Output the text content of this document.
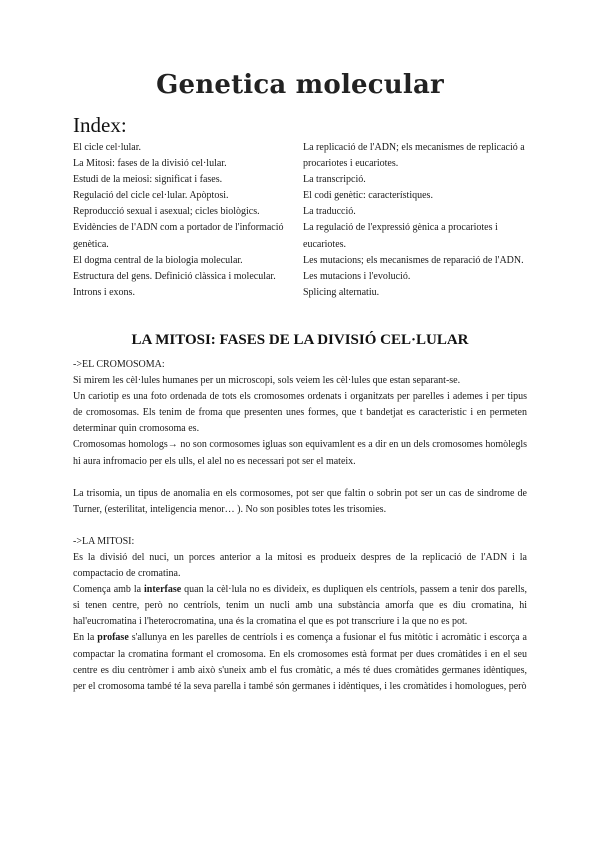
Genetica molecular
Index:
El cicle cel·lular.
La Mitosi: fases de la divisió cel·lular.
Estudi de la meiosi: significat i fases.
Regulació del cicle cel·lular. Apòptosi.
Reproducció sexual i asexual; cicles biològics.
Evidències de l'ADN com a portador de l'informació genètica.
El dogma central de la biologia molecular.
Estructura del gens. Definició clàssica i molecular. Introns i exons.
La replicació de l'ADN; els mecanismes de replicació a procariotes i eucariotes.
La transcripció.
El codi genètic: característiques.
La traducció.
La regulació de l'expressió gènica a procariotes i eucariotes.
Les mutacions; els mecanismes de reparació de l'ADN. Les mutacions i l'evolució.
Splicing alternatiu.
LA MITOSI: FASES DE LA DIVISIÓ CEL·LULAR

->EL CROMOSOMA:

Si mirem les cèl·lules humanes per un microscopi, sols veiem les cèl·lules que estan separant-se.

Un cariotip es una foto ordenada de tots els cromosomes ordenats i organitzats per parelles i ademes i per tipus de cromosomas. Els tenim de froma que presenten unes formes, que t bandetjat es caracteristic i en permeten determinar quin cromosoma es.

Cromosomas homologs→ no son cormosomes igluas son equivamlent es a dir en un dels cromosomes homòlegls hi aura infromacio per els ulls, el alel no es necessari pot ser el mateix.

La trisomia, un tipus de anomalia en els cormosomes, pot ser que faltin o sobrin pot ser un cas de sindrome de Turner, (esterilitat, inteligencia menor… ). No son posibles totes les trisomies.

->LA MITOSI:

Es la divisió del nuci, un porces anterior a la mitosi es produeix despres de la replicació de l'ADN i la compactacio de cromatina.

Comença amb la interfase quan la cèl·lula no es divideix, es dupliquen els centríols, passem a tenir dos parells, si tenen centre, però no centríols, tenim un nucli amb una substància amorfa que es diu cromatina, hi hal'eucromatina i l'heterocromatina, una és la cromatina el que es pot transcriure i la que no es pot.

En la profase s'allunya en les parelles de centríols i es comença a fusionar el fus mitòtic i acromàtic i escorça a compactar la cromatina formant el cromosoma. En els cromosomes està format per dues cromàtides i en el seu centre es diu centròmer i amb això s'uneix amb el fus cromàtic, a més té dues cromàtides germanes idèntiques, per el cromosoma també té la seva parella i també són germanes i idèntiques, i les cromàtides i homologues, però
